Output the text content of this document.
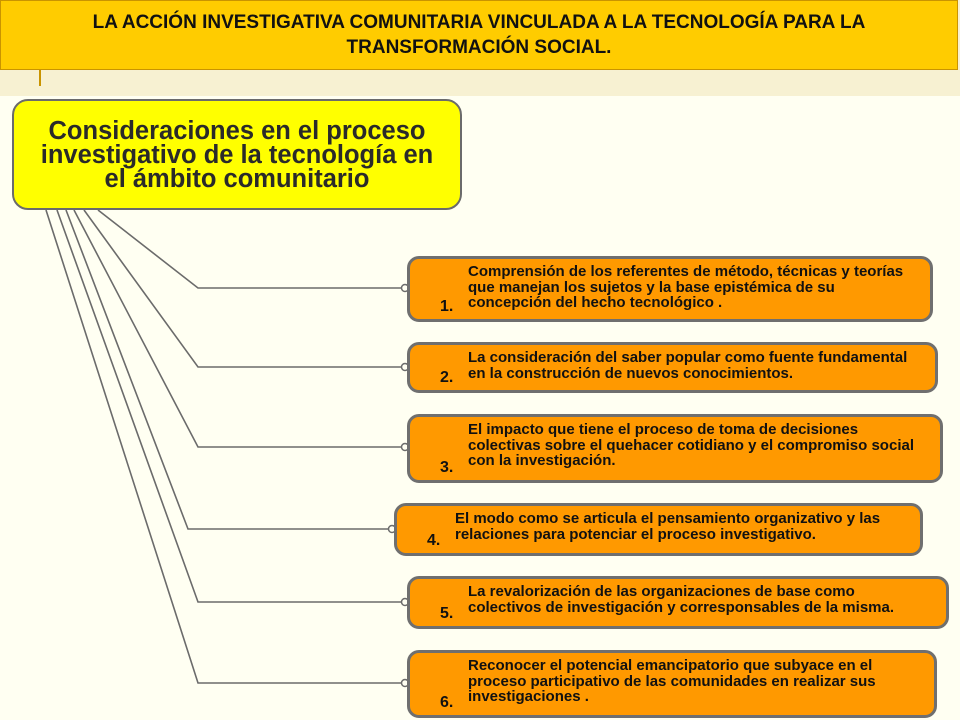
LA ACCIÓN INVESTIGATIVA COMUNITARIA VINCULADA A LA TECNOLOGÍA PARA LA TRANSFORMACIÓN SOCIAL.
Consideraciones en el proceso investigativo de la tecnología en el ámbito comunitario
1.
Comprensión de los referentes de método, técnicas y teorías que manejan los sujetos y la base epistémica de su concepción del hecho tecnológico .
2.
La consideración del saber popular como fuente fundamental en la construcción de nuevos conocimientos.
3.
El impacto que tiene el proceso de toma de decisiones colectivas sobre el quehacer cotidiano y el compromiso social con la investigación.
4.
El modo como se articula el pensamiento organizativo y las relaciones para potenciar el proceso investigativo.
5.
La revalorización de las organizaciones de base como colectivos de investigación y corresponsables de la misma.
6.
Reconocer el potencial emancipatorio que subyace en el proceso participativo de las comunidades en realizar sus investigaciones .
